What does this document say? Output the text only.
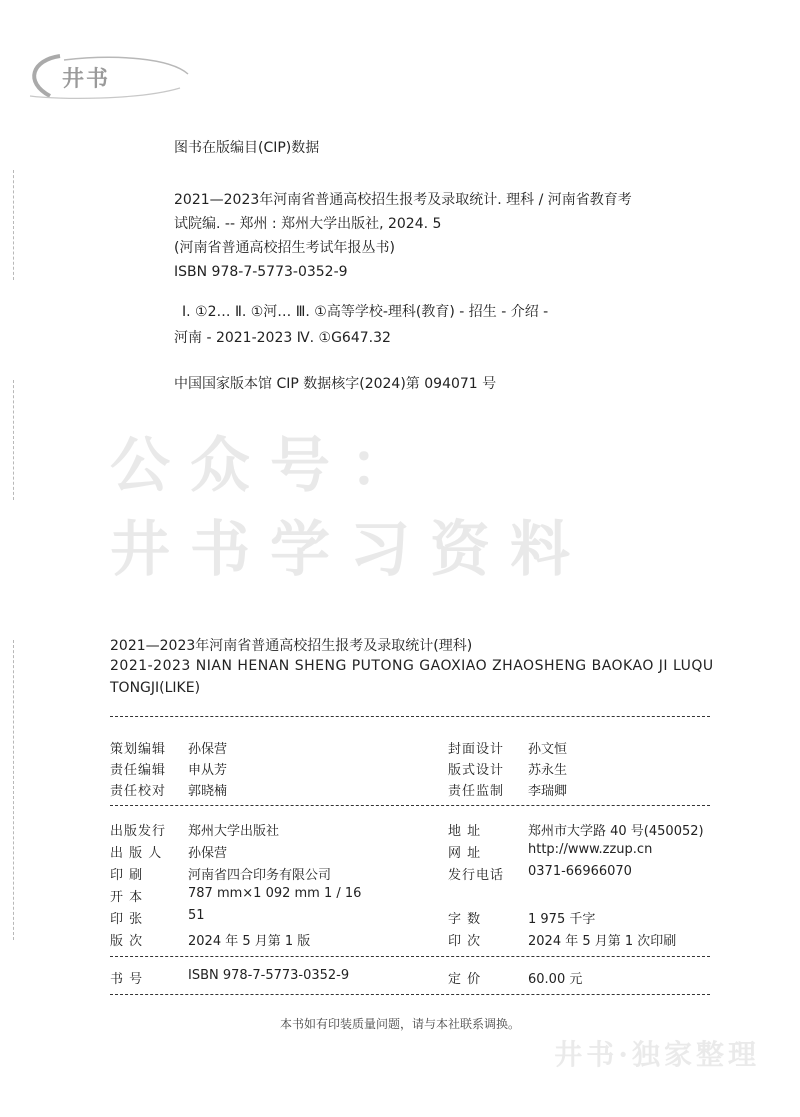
井书
图书在版编目(CIP)数据
2021—2023年河南省普通高校招生报考及录取统计. 理科 / 河南省教育考
试院编. -- 郑州 : 郑州大学出版社, 2024. 5
(河南省普通高校招生考试年报丛书)
ISBN 978-7-5773-0352-9
Ⅰ. ①2… Ⅱ. ①河… Ⅲ. ①高等学校-理科(教育) - 招生 - 介绍 -
河南 - 2021-2023 Ⅳ. ①G647.32
中国国家版本馆 CIP 数据核字(2024)第 094071 号
公众号：
井书学习资料
2021—2023年河南省普通高校招生报考及录取统计(理科)
2021-2023 NIAN HENAN SHENG PUTONG GAOXIAO ZHAOSHENG BAOKAO JI LUQU
TONGJI(LIKE)
策划编辑 孙保营	封面设计 孙文恒
责任编辑 申从芳	版式设计 苏永生
责任校对 郭晓楠	责任监制 李瑞卿
出版发行 郑州大学出版社	地 址	郑州市大学路 40 号(450052)
出 版 人 孙保营	网 址	http://www.zzup.cn
印 刷	河南省四合印务有限公司	发行电话 0371-66966070
开 本	787 mm×1 092 mm 1 / 16
印 张	51	字 数	1 975 千字
版 次	2024 年 5 月第 1 版	印 次	2024 年 5 月第 1 次印刷
书 号	ISBN 978-7-5773-0352-9	定 价	60.00 元
本书如有印装质量问题，请与本社联系调换。
井书·独家整理
